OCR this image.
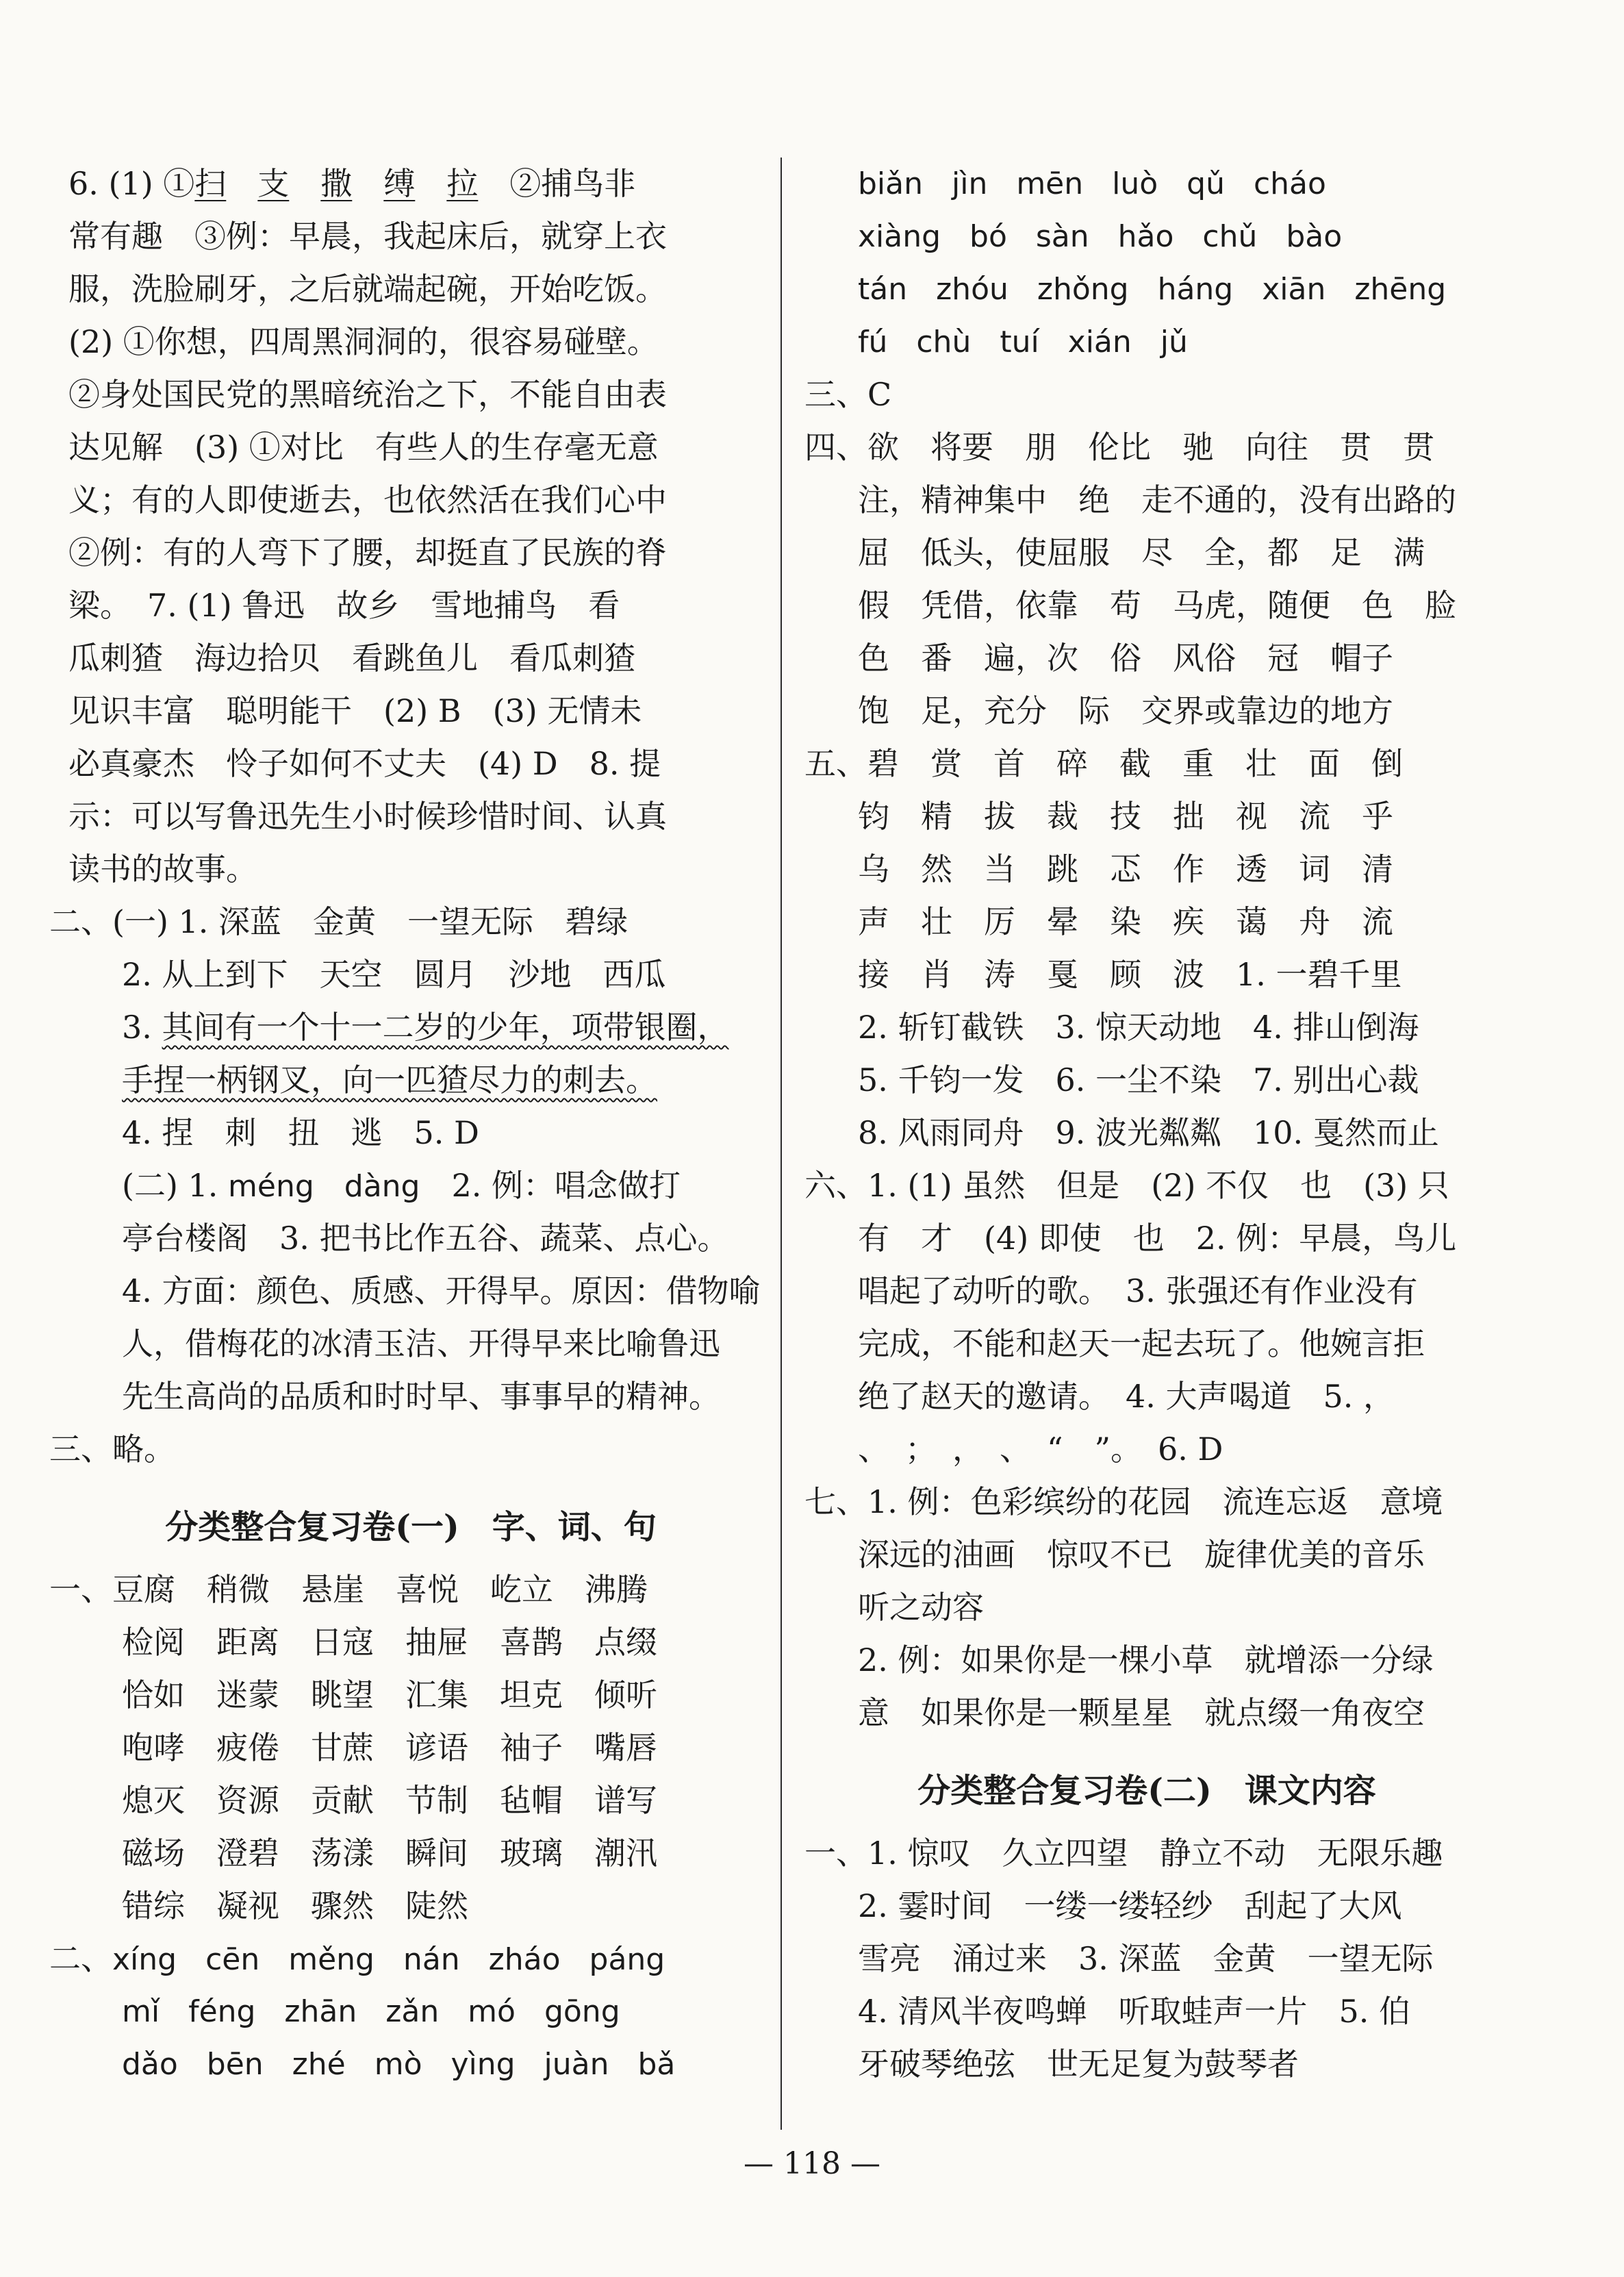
6. (1) ①扫　 支　 撒　 缚　 拉　 ②捕鸟非
常有趣　③例：早晨，我起床后，就穿上衣
服，洗脸刷牙，之后就端起碗，开始吃饭。
(2) ①你想，四周黑洞洞的，很容易碰壁。
②身处国民党的黑暗统治之下，不能自由表
达见解　(3) ①对比　有些人的生存毫无意
义；有的人即使逝去，也依然活在我们心中
②例：有的人弯下了腰，却挺直了民族的脊
梁。　7. (1) 鲁迅　故乡　雪地捕鸟　看
瓜刺猹　海边拾贝　看跳鱼儿　看瓜刺猹
见识丰富　聪明能干　(2) B　(3) 无情未
必真豪杰　怜子如何不丈夫　(4) D　8. 提
示：可以写鲁迅先生小时候珍惜时间、认真
读书的故事。
二、(一) 1. 深蓝　金黄　一望无际　碧绿
2. 从上到下　天空　圆月　沙地　西瓜
3. 其间有一个十一二岁的少年，项带银圈，
手捏一柄钢叉，向一匹猹尽力的刺去。
4. 捏　刺　扭　逃　5. D
(二) 1. méng　dàng　2. 例：唱念做打
亭台楼阁　3. 把书比作五谷、蔬菜、点心。
4. 方面：颜色、质感、开得早。原因：借物喻
人，借梅花的冰清玉洁、开得早来比喻鲁迅
先生高尚的品质和时时早、事事早的精神。
三、略。
分类整合复习卷(一)　字、词、句
一、豆腐　稍微　悬崖　喜悦　屹立　沸腾
检阅　距离　日寇　抽屉　喜鹊　点缀
恰如　迷蒙　眺望　汇集　坦克　倾听
咆哮　疲倦　甘蔗　谚语　袖子　嘴唇
熄灭　资源　贡献　节制　毡帽　谱写
磁场　澄碧　荡漾　瞬间　玻璃　潮汛
错综　凝视　骤然　陡然
二、xíng cēn měng nán zháo páng
mǐ féng zhān zǎn mó gōng
dǎo bēn zhé mò yìng juàn bǎ
biǎn jìn mēn luò qǔ cháo
xiàng bó sàn hǎo chǔ bào
tán zhóu zhǒng háng xiān zhēng
fú chù tuí xián jǔ
三、C
四、欲　将要　朋　伦比　驰　向往　贯　贯
注，精神集中　绝　走不通的，没有出路的
屈　低头，使屈服　尽　全，都　足　满
假　凭借，依靠　苟　马虎，随便　色　脸
色　番　遍，次　俗　风俗　冠　帽子
饱　足，充分　际　交界或靠边的地方
五、碧　赏　首　碎　截　重　壮　面　倒
钧　精　拔　裁　技　拙　视　流　乎
乌　然　当　跳　忑　作　透　词　清
声　壮　厉　晕　染　疾　蔼　舟　流
接　肖　涛　戛　顾　波　1. 一碧千里
2. 斩钉截铁　3. 惊天动地　4. 排山倒海
5. 千钧一发　6. 一尘不染　7. 别出心裁
8. 风雨同舟　9. 波光粼粼　10. 戛然而止
六、1. (1) 虽然　但是　(2) 不仅　也　(3) 只
有　才　(4) 即使　也　2. 例：早晨，鸟儿
唱起了动听的歌。　3. 张强还有作业没有
完成，不能和赵天一起去玩了。他婉言拒
绝了赵天的邀请。　4. 大声喝道　5. ，
、　；　，　、　“　”。　6. D
七、1. 例：色彩缤纷的花园　流连忘返　意境
深远的油画　惊叹不已　旋律优美的音乐
听之动容
2. 例：如果你是一棵小草　就增添一分绿
意　如果你是一颗星星　就点缀一角夜空
分类整合复习卷(二)　课文内容
一、1. 惊叹　久立四望　静立不动　无限乐趣
2. 霎时间　一缕一缕轻纱　刮起了大风
雪亮　涌过来　3. 深蓝　金黄　一望无际
4. 清风半夜鸣蝉　听取蛙声一片　5. 伯
牙破琴绝弦　世无足复为鼓琴者
— 118 —
